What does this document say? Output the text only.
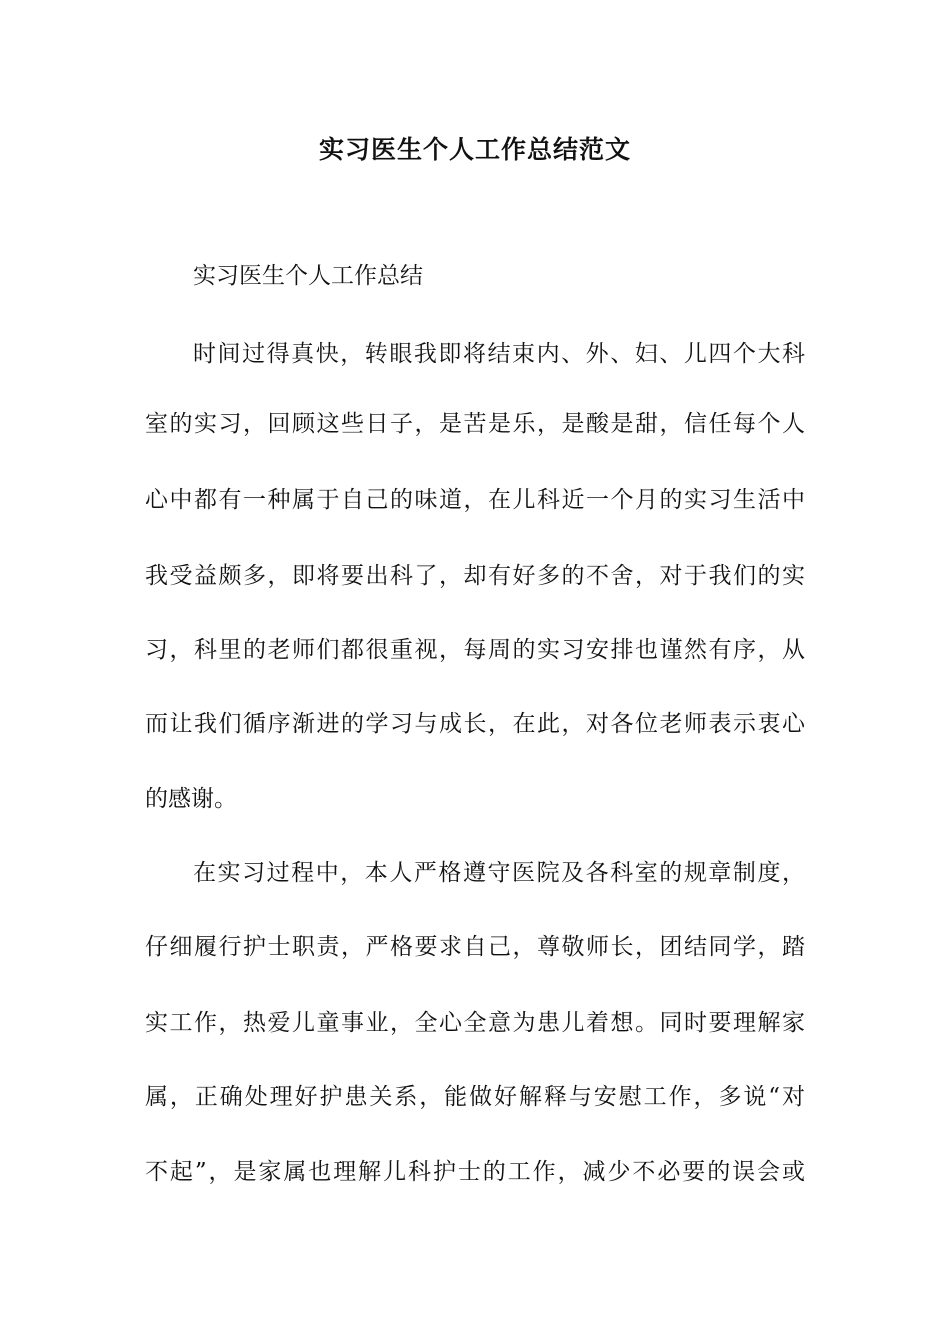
实习医生个人工作总结范文
实习医生个人工作总结
时间过得真快，转眼我即将结束内、外、妇、儿四个大科
室的实习，回顾这些日子，是苦是乐，是酸是甜，信任每个人
心中都有一种属于自己的味道，在儿科近一个月的实习生活中
我受益颇多，即将要出科了，却有好多的不舍，对于我们的实
习，科里的老师们都很重视，每周的实习安排也谨然有序，从
而让我们循序渐进的学习与成长，在此，对各位老师表示衷心
的感谢。
在实习过程中，本人严格遵守医院及各科室的规章制度，
仔细履行护士职责，严格要求自己，尊敬师长，团结同学，踏
实工作，热爱儿童事业，全心全意为患儿着想。同时要理解家
属，正确处理好护患关系，能做好解释与安慰工作，多说“对
不起”，是家属也理解儿科护士的工作，减少不必要的误会或
